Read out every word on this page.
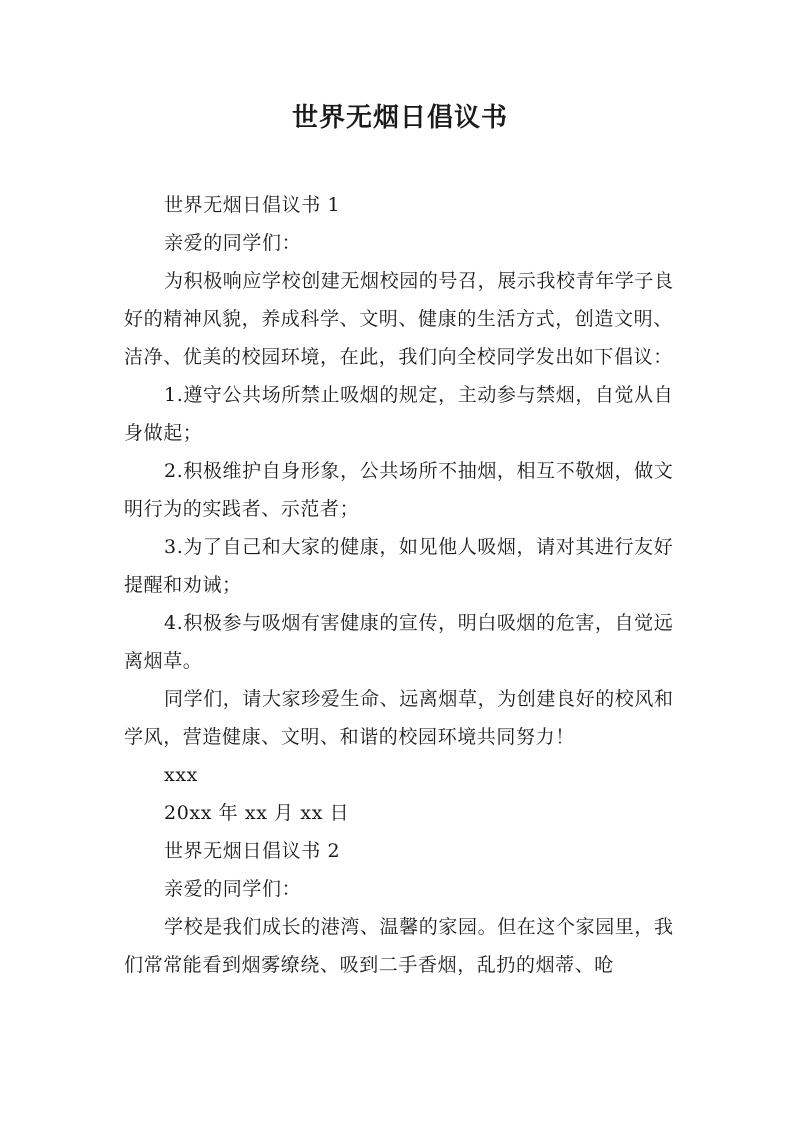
世界无烟日倡议书

世界无烟日倡议书 1

亲爱的同学们：

为积极响应学校创建无烟校园的号召，展示我校青年学子良好的精神风貌，养成科学、文明、健康的生活方式，创造文明、洁净、优美的校园环境，在此，我们向全校同学发出如下倡议：

1.遵守公共场所禁止吸烟的规定，主动参与禁烟，自觉从自身做起；

2.积极维护自身形象，公共场所不抽烟，相互不敬烟，做文明行为的实践者、示范者；

3.为了自己和大家的健康，如见他人吸烟，请对其进行友好提醒和劝诫；

4.积极参与吸烟有害健康的宣传，明白吸烟的危害，自觉远离烟草。

同学们，请大家珍爱生命、远离烟草，为创建良好的校风和学风，营造健康、文明、和谐的校园环境共同努力！

xxx

20xx 年 xx 月 xx 日

世界无烟日倡议书 2

亲爱的同学们：

学校是我们成长的港湾、温馨的家园。但在这个家园里，我们常常能看到烟雾缭绕、吸到二手香烟，乱扔的烟蒂、呛
